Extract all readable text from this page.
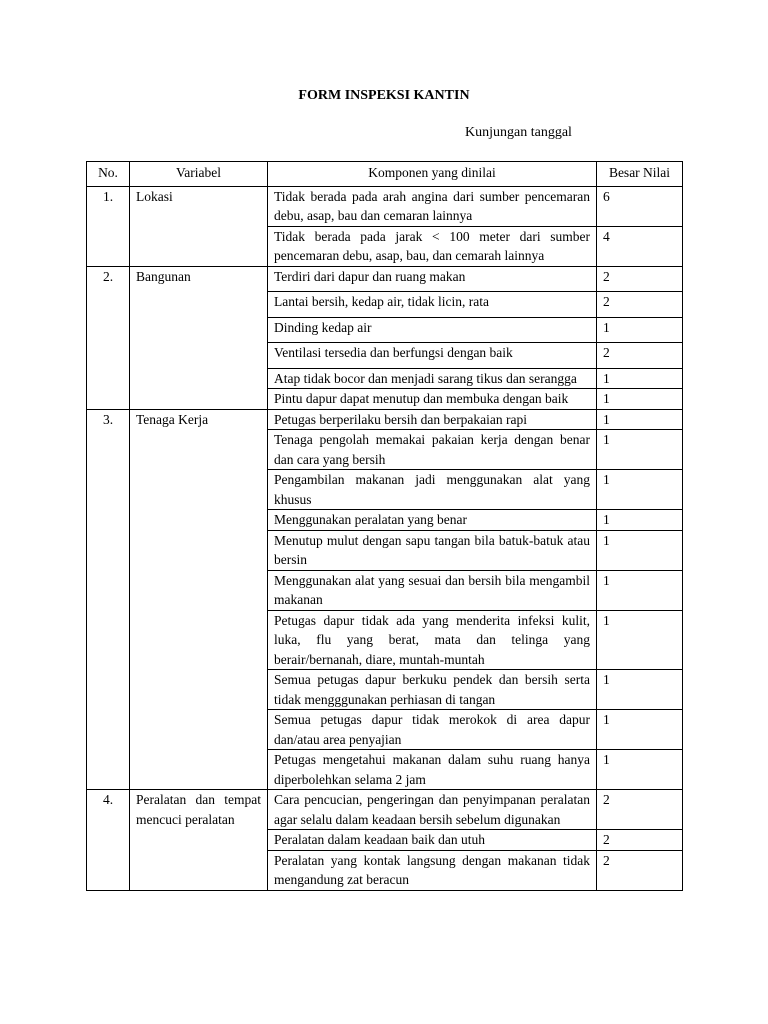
FORM INSPEKSI KANTIN
Kunjungan tanggal
No.	Variabel	Komponen yang dinilai	Besar Nilai
1.	Lokasi	Tidak berada pada arah angina dari sumber pencemaran debu, asap, bau dan cemaran lainnya	6
		Tidak berada pada jarak < 100 meter dari sumber pencemaran debu, asap, bau, dan cemarah lainnya	4
2.	Bangunan	Terdiri dari dapur dan ruang makan	2
		Lantai bersih, kedap air, tidak licin, rata	2
		Dinding kedap air	1
		Ventilasi tersedia dan berfungsi dengan baik	2
		Atap tidak bocor dan menjadi sarang tikus dan serangga	1
		Pintu dapur dapat menutup dan membuka dengan baik	1
3.	Tenaga Kerja	Petugas berperilaku bersih dan berpakaian rapi	1
		Tenaga pengolah memakai pakaian kerja dengan benar dan cara yang bersih	1
		Pengambilan makanan jadi menggunakan alat yang khusus	1
		Menggunakan peralatan yang benar	1
		Menutup mulut dengan sapu tangan bila batuk-batuk atau bersin	1
		Menggunakan alat yang sesuai dan bersih bila mengambil makanan	1
		Petugas dapur tidak ada yang menderita infeksi kulit, luka, flu yang berat, mata dan telinga yang berair/bernanah, diare, muntah-muntah	1
		Semua petugas dapur berkuku pendek dan bersih serta tidak mengggunakan perhiasan di tangan	1
		Semua petugas dapur tidak merokok di area dapur dan/atau area penyajian	1
		Petugas mengetahui makanan dalam suhu ruang hanya diperbolehkan selama 2 jam	1
4.	Peralatan dan tempat mencuci peralatan	Cara pencucian, pengeringan dan penyimpanan peralatan agar selalu dalam keadaan bersih sebelum digunakan	2
		Peralatan dalam keadaan baik dan utuh	2
		Peralatan yang kontak langsung dengan makanan tidak mengandung zat beracun	2
